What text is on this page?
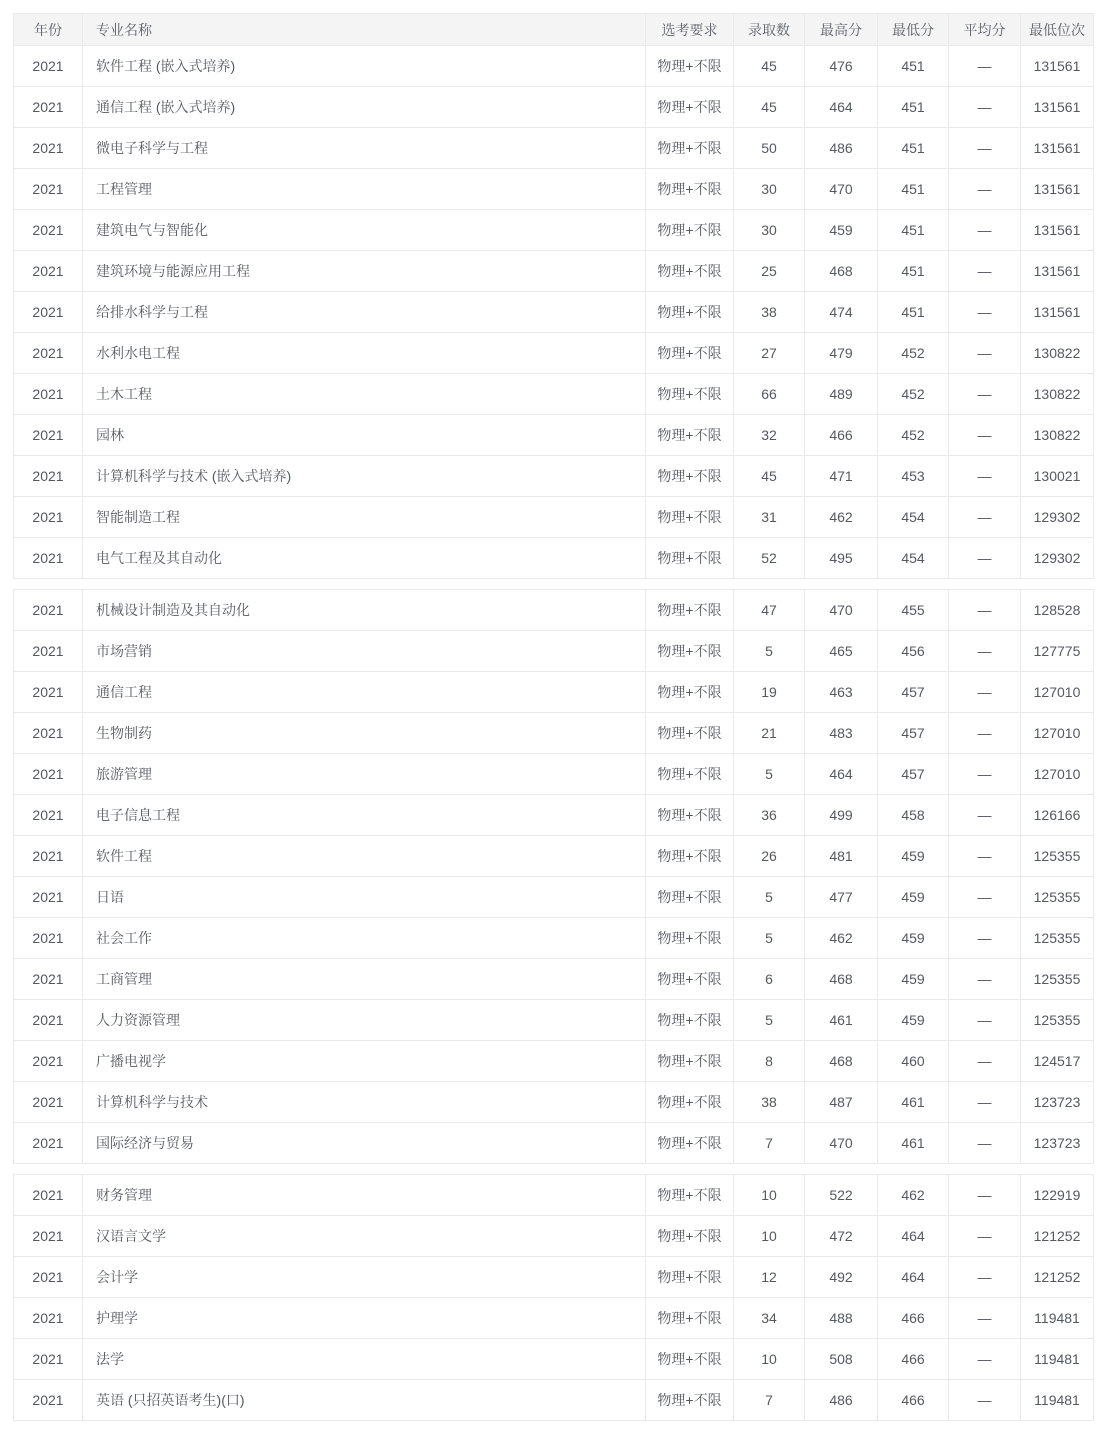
年份	专业名称	选考要求	录取数	最高分	最低分	平均分	最低位次
2021	软件工程 (嵌入式培养)	物理+不限	45	476	451	—	131561
2021	通信工程 (嵌入式培养)	物理+不限	45	464	451	—	131561
2021	微电子科学与工程	物理+不限	50	486	451	—	131561
2021	工程管理	物理+不限	30	470	451	—	131561
2021	建筑电气与智能化	物理+不限	30	459	451	—	131561
2021	建筑环境与能源应用工程	物理+不限	25	468	451	—	131561
2021	给排水科学与工程	物理+不限	38	474	451	—	131561
2021	水利水电工程	物理+不限	27	479	452	—	130822
2021	土木工程	物理+不限	66	489	452	—	130822
2021	园林	物理+不限	32	466	452	—	130822
2021	计算机科学与技术 (嵌入式培养)	物理+不限	45	471	453	—	130021
2021	智能制造工程	物理+不限	31	462	454	—	129302
2021	电气工程及其自动化	物理+不限	52	495	454	—	129302
2021	机械设计制造及其自动化	物理+不限	47	470	455	—	128528
2021	市场营销	物理+不限	5	465	456	—	127775
2021	通信工程	物理+不限	19	463	457	—	127010
2021	生物制药	物理+不限	21	483	457	—	127010
2021	旅游管理	物理+不限	5	464	457	—	127010
2021	电子信息工程	物理+不限	36	499	458	—	126166
2021	软件工程	物理+不限	26	481	459	—	125355
2021	日语	物理+不限	5	477	459	—	125355
2021	社会工作	物理+不限	5	462	459	—	125355
2021	工商管理	物理+不限	6	468	459	—	125355
2021	人力资源管理	物理+不限	5	461	459	—	125355
2021	广播电视学	物理+不限	8	468	460	—	124517
2021	计算机科学与技术	物理+不限	38	487	461	—	123723
2021	国际经济与贸易	物理+不限	7	470	461	—	123723
2021	财务管理	物理+不限	10	522	462	—	122919
2021	汉语言文学	物理+不限	10	472	464	—	121252
2021	会计学	物理+不限	12	492	464	—	121252
2021	护理学	物理+不限	34	488	466	—	119481
2021	法学	物理+不限	10	508	466	—	119481
2021	英语 (只招英语考生)(口)	物理+不限	7	486	466	—	119481
